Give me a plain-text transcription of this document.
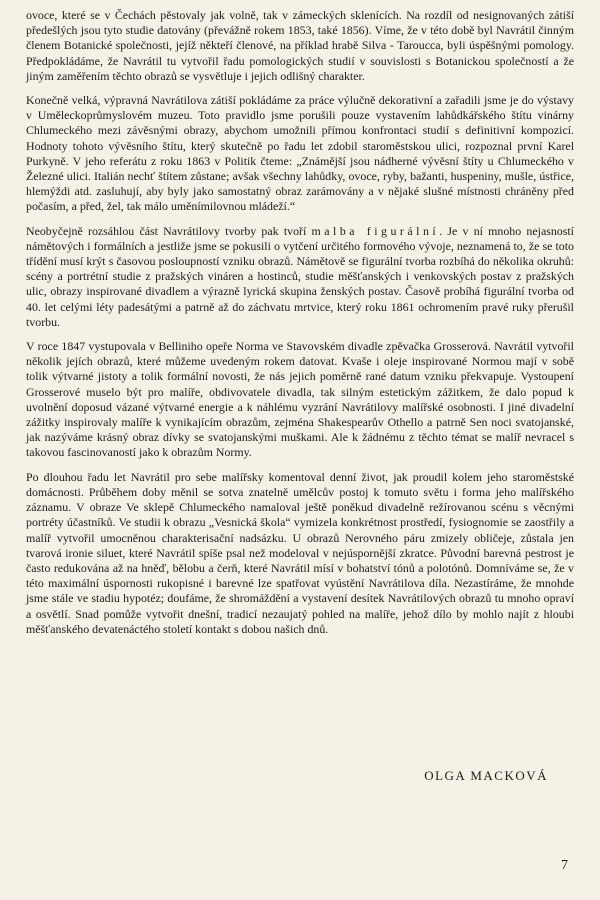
ovoce, které se v Čechách pěstovaly jak volně, tak v zámeckých sklenících. Na rozdíl od nesignovaných zátiší předešlých jsou tyto studie datovány (převážně rokem 1853, také 1856). Víme, že v této době byl Navrátil činným členem Botanické společnosti, jejíž někteří členové, na příklad hrabě Silva - Taroucca, byli úspěšnými pomology. Předpokládáme, že Navrátil tu vytvořil řadu pomologických studií v souvislosti s Botanickou společností a že jiným zaměřením těchto obrazů se vysvětluje i jejich odlišný charakter.

Konečně velká, výpravná Navrátilova zátiší pokládáme za práce výlučně dekorativní a zařadili jsme je do výstavy v Uměleckoprůmyslovém muzeu. Toto pravidlo jsme porušili pouze vystavením lahůdkářského štítu vinárny Chlumeckého mezi závěsnými obrazy, abychom umožnili přímou konfrontaci studií s definitivní kompozicí. Hodnoty tohoto vývěsního štítu, který skutečně po řadu let zdobil staroměstskou ulici, rozpoznal první Karel Purkyně. V jeho referátu z roku 1863 v Politik čteme: „Známější jsou nádherné vývěsní štíty u Chlumeckého v Železné ulici. Italián nechť štítem zůstane; avšak všechny lahůdky, ovoce, ryby, bažanti, huspeniny, mušle, ústřice, hlemýždi atd. zasluhují, aby byly jako samostatný obraz zarámovány a v nějaké slušné místnosti chráněny před počasím, a před, žel, tak málo uměnímilovnou mládeží.“

Neobyčejně rozsáhlou část Navrátilovy tvorby pak tvoří malba figurální. Je v ní mnoho nejasností námětových i formálních a jestliže jsme se pokusili o vytčení určitého formového vývoje, neznamená to, že se toto třídění musí krýt s časovou posloupností vzniku obrazů. Námětově se figurální tvorba rozbíhá do několika okruhů: scény a portrétní studie z pražských vináren a hostinců, studie měšťanských i venkovských postav z pražských ulic, obrazy inspirované divadlem a výrazně lyrická skupina ženských postav. Časově probíhá figurální tvorba od 40. let celými léty padesátými a patrně až do záchvatu mrtvice, který roku 1861 ochromením pravé ruky přerušil tvorbu.

V roce 1847 vystupovala v Belliniho opeře Norma ve Stavovském divadle zpěvačka Grosserová. Navrátil vytvořil několik jejích obrazů, které můžeme uvedeným rokem datovat. Kvaše i oleje inspirované Normou mají v sobě tolik výtvarné jistoty a tolik formální novosti, že nás jejich poměrně rané datum vzniku překvapuje. Vystoupení Grosserové muselo být pro malíře, obdivovatele divadla, tak silným estetickým zážitkem, že dalo popud k uvolnění doposud vázané výtvarné energie a k náhlému vyzrání Navrátilovy malířské osobnosti. I jiné divadelní zážitky inspirovaly malíře k vynikajícím obrazům, zejména Shakespearův Othello a patrně Sen noci svatojanské, jak nazýváme krásný obraz dívky se svatojanskými muškami. Ale k žádnému z těchto témat se malíř nevracel s takovou fascinovaností jako k obrazům Normy.

Po dlouhou řadu let Navrátil pro sebe malířsky komentoval denní život, jak proudil kolem jeho staroměstské domácnosti. Průběhem doby měnil se sotva znatelně umělcův postoj k tomuto světu i forma jeho malířského záznamu. V obraze Ve sklepě Chlumeckého namaloval ještě poněkud divadelně režírovanou scénu s věcnými portréty účastníků. Ve studii k obrazu „Vesnická škola“ vymizela konkrétnost prostředí, fysiognomie se zaostřily a malíř vytvořil umocněnou charakterisační nadsázku. U obrazů Nerovného páru zmizely obličeje, zůstala jen tvarová ironie siluet, které Navrátil spíše psal než modeloval v nejúspornější zkratce. Původní barevná pestrost je často redukována až na hněď, bělobu a čerň, které Navrátil mísí v bohatství tónů a polotónů. Domníváme se, že v této maximální úspornosti rukopisné i barevné lze spatřovat vyústění Navrátilova díla. Nezastíráme, že mnohde jsme stále ve stadiu hypotéz; doufáme, že shromáždění a vystavení desítek Navrátilových obrazů tu mnoho opraví a osvětlí. Snad pomůže vytvořit dnešní, tradicí nezaujatý pohled na malíře, jehož dílo by mohlo najít z hloubi měšťanského devatenáctého století kontakt s dobou našich dnů.

OLGA MACKOVÁ
7
